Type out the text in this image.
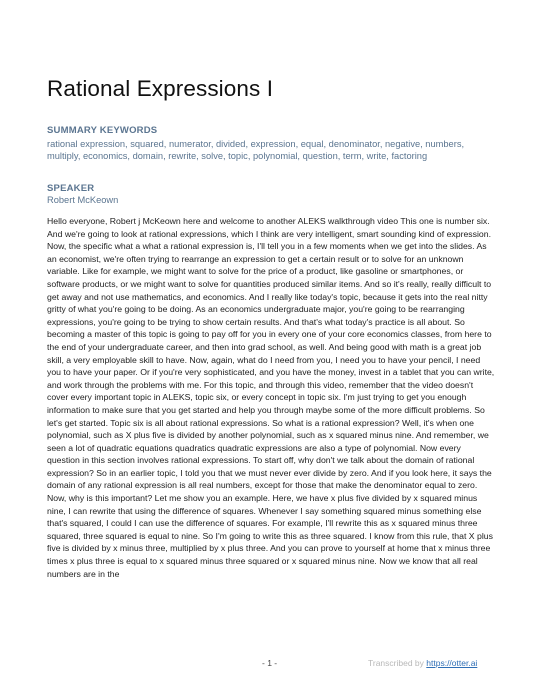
Rational Expressions I
SUMMARY KEYWORDS
rational expression, squared, numerator, divided, expression, equal, denominator, negative, numbers, multiply, economics, domain, rewrite, solve, topic, polynomial, question, term, write, factoring
SPEAKER
Robert McKeown
Hello everyone, Robert j McKeown here and welcome to another ALEKS walkthrough video This one is number six. And we're going to look at rational expressions, which I think are very intelligent, smart sounding kind of expression. Now, the specific what a what a rational expression is, I'll tell you in a few moments when we get into the slides. As an economist, we're often trying to rearrange an expression to get a certain result or to solve for an unknown variable. Like for example, we might want to solve for the price of a product, like gasoline or smartphones, or software products, or we might want to solve for quantities produced similar items. And so it's really, really difficult to get away and not use mathematics, and economics. And I really like today's topic, because it gets into the real nitty gritty of what you're going to be doing. As an economics undergraduate major, you're going to be rearranging expressions, you're going to be trying to show certain results. And that's what today's practice is all about. So becoming a master of this topic is going to pay off for you in every one of your core economics classes, from here to the end of your undergraduate career, and then into grad school, as well. And being good with math is a great job skill, a very employable skill to have. Now, again, what do I need from you, I need you to have your pencil, I need you to have your paper. Or if you're very sophisticated, and you have the money, invest in a tablet that you can write, and work through the problems with me. For this topic, and through this video, remember that the video doesn't cover every important topic in ALEKS, topic six, or every concept in topic six. I'm just trying to get you enough information to make sure that you get started and help you through maybe some of the more difficult problems. So let's get started. Topic six is all about rational expressions. So what is a rational expression? Well, it's when one polynomial, such as X plus five is divided by another polynomial, such as x squared minus nine. And remember, we seen a lot of quadratic equations quadratics quadratic expressions are also a type of polynomial. Now every question in this section involves rational expressions. To start off, why don't we talk about the domain of rational expression? So in an earlier topic, I told you that we must never ever divide by zero. And if you look here, it says the domain of any rational expression is all real numbers, except for those that make the denominator equal to zero. Now, why is this important? Let me show you an example. Here, we have x plus five divided by x squared minus nine, I can rewrite that using the difference of squares. Whenever I say something squared minus something else that's squared, I could I can use the difference of squares. For example, I'll rewrite this as x squared minus three squared, three squared is equal to nine. So I'm going to write this as three squared. I know from this rule, that X plus five is divided by x minus three, multiplied by x plus three. And you can prove to yourself at home that x minus three times x plus three is equal to x squared minus three squared or x squared minus nine. Now we know that all real numbers are in the
- 1 -	Transcribed by https://otter.ai
